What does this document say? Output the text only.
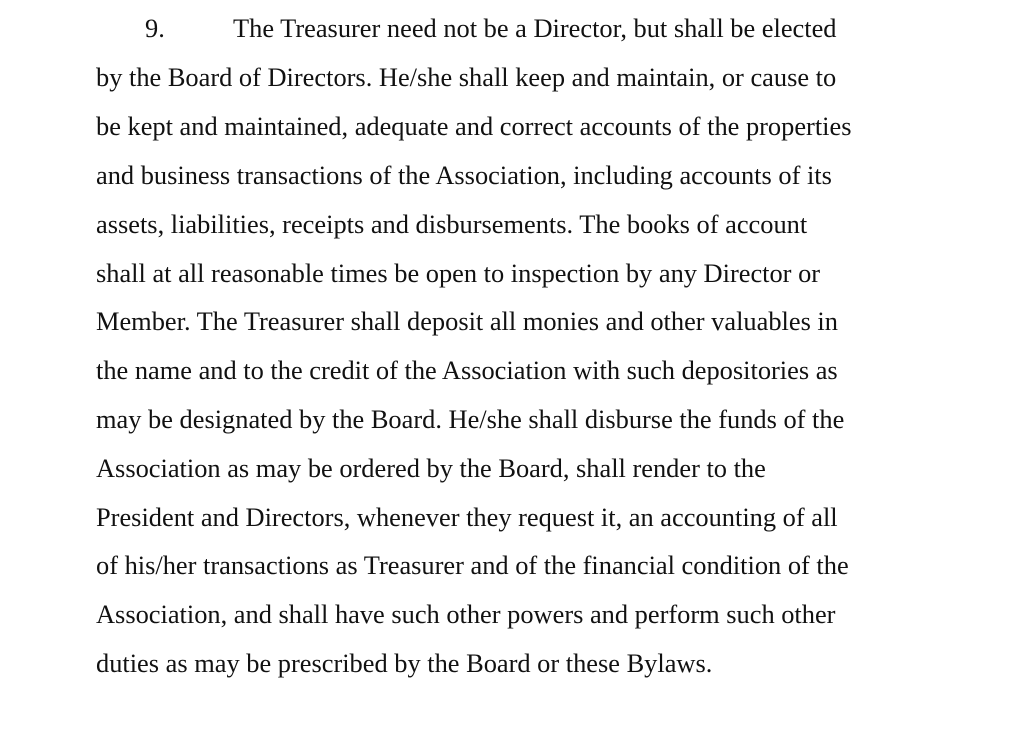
9.	The Treasurer need not be a Director, but shall be elected

by the Board of Directors. He/she shall keep and maintain, or cause to

be kept and maintained, adequate and correct accounts of the properties

and business transactions of the Association, including accounts of its

assets, liabilities, receipts and disbursements. The books of account

shall at all reasonable times be open to inspection by any Director or

Member. The Treasurer shall deposit all monies and other valuables in

the name and to the credit of the Association with such depositories as

may be designated by the Board. He/she shall disburse the funds of the

Association as may be ordered by the Board, shall render to the

President and Directors, whenever they request it, an accounting of all

of his/her transactions as Treasurer and of the financial condition of the

Association, and shall have such other powers and perform such other

duties as may be prescribed by the Board or these Bylaws.
